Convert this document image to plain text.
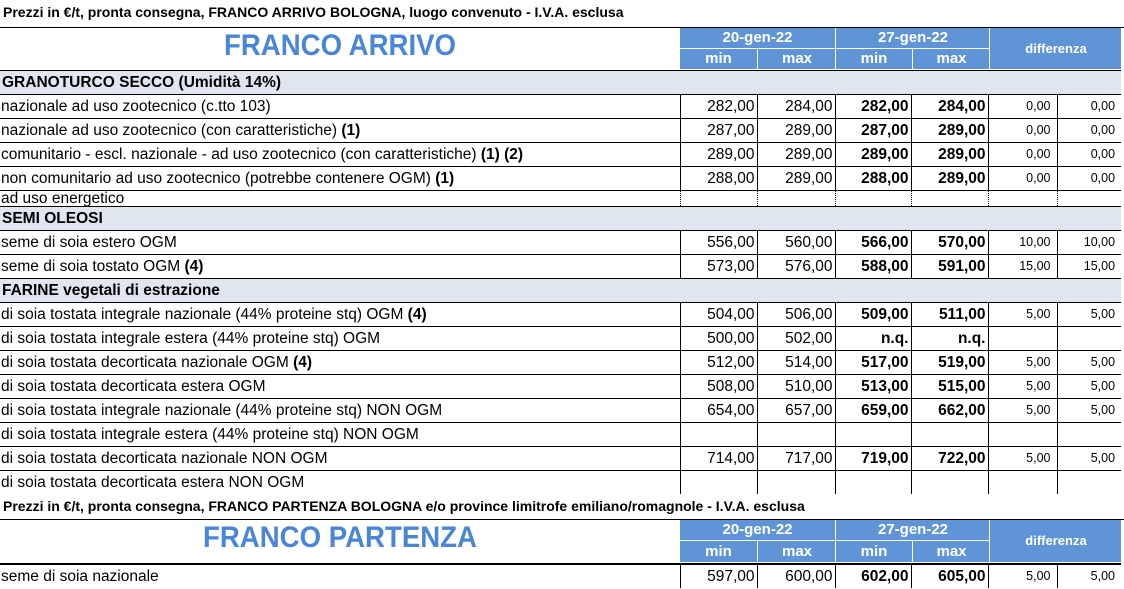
Prezzi in €/t, pronta consegna, FRANCO ARRIVO BOLOGNA, luogo convenuto - I.V.A. esclusa
FRANCO ARRIVO	20-gen-22	27-gen-22
min	max	min	max
differenza
GRANOTURCO SECCO (Umidità 14%)						
nazionale ad uso zootecnico (c.tto 103)	282,00	284,00	282,00	284,00	0,00	0,00
nazionale ad uso zootecnico (con caratteristiche) (1)	287,00	289,00	287,00	289,00	0,00	0,00
comunitario - escl. nazionale - ad uso zootecnico (con caratteristiche) (1) (2)	289,00	289,00	289,00	289,00	0,00	0,00
non comunitario ad uso zootecnico (potrebbe contenere OGM) (1)	288,00	289,00	288,00	289,00	0,00	0,00
ad uso energetico						
SEMI OLEOSI						
seme di soia estero OGM	556,00	560,00	566,00	570,00	10,00	10,00
seme di soia tostato OGM (4)	573,00	576,00	588,00	591,00	15,00	15,00
FARINE vegetali di estrazione						
di soia tostata integrale nazionale (44% proteine stq) OGM (4)	504,00	506,00	509,00	511,00	5,00	5,00
di soia tostata integrale estera (44% proteine stq) OGM	500,00	502,00	n.q.	n.q.		
di soia tostata decorticata nazionale OGM (4)	512,00	514,00	517,00	519,00	5,00	5,00
di soia tostata decorticata estera OGM	508,00	510,00	513,00	515,00	5,00	5,00
di soia tostata integrale nazionale (44% proteine stq) NON OGM	654,00	657,00	659,00	662,00	5,00	5,00
di soia tostata integrale estera (44% proteine stq) NON OGM						
di soia tostata decorticata nazionale NON OGM	714,00	717,00	719,00	722,00	5,00	5,00
di soia tostata decorticata estera NON OGM						
Prezzi in €/t, pronta consegna, FRANCO PARTENZA BOLOGNA e/o province limitrofe emiliano/romagnole - I.V.A. esclusa
FRANCO PARTENZA	20-gen-22	27-gen-22
min	max	min	max
differenza
seme di soia nazionale	597,00	600,00	602,00	605,00	5,00	5,00
